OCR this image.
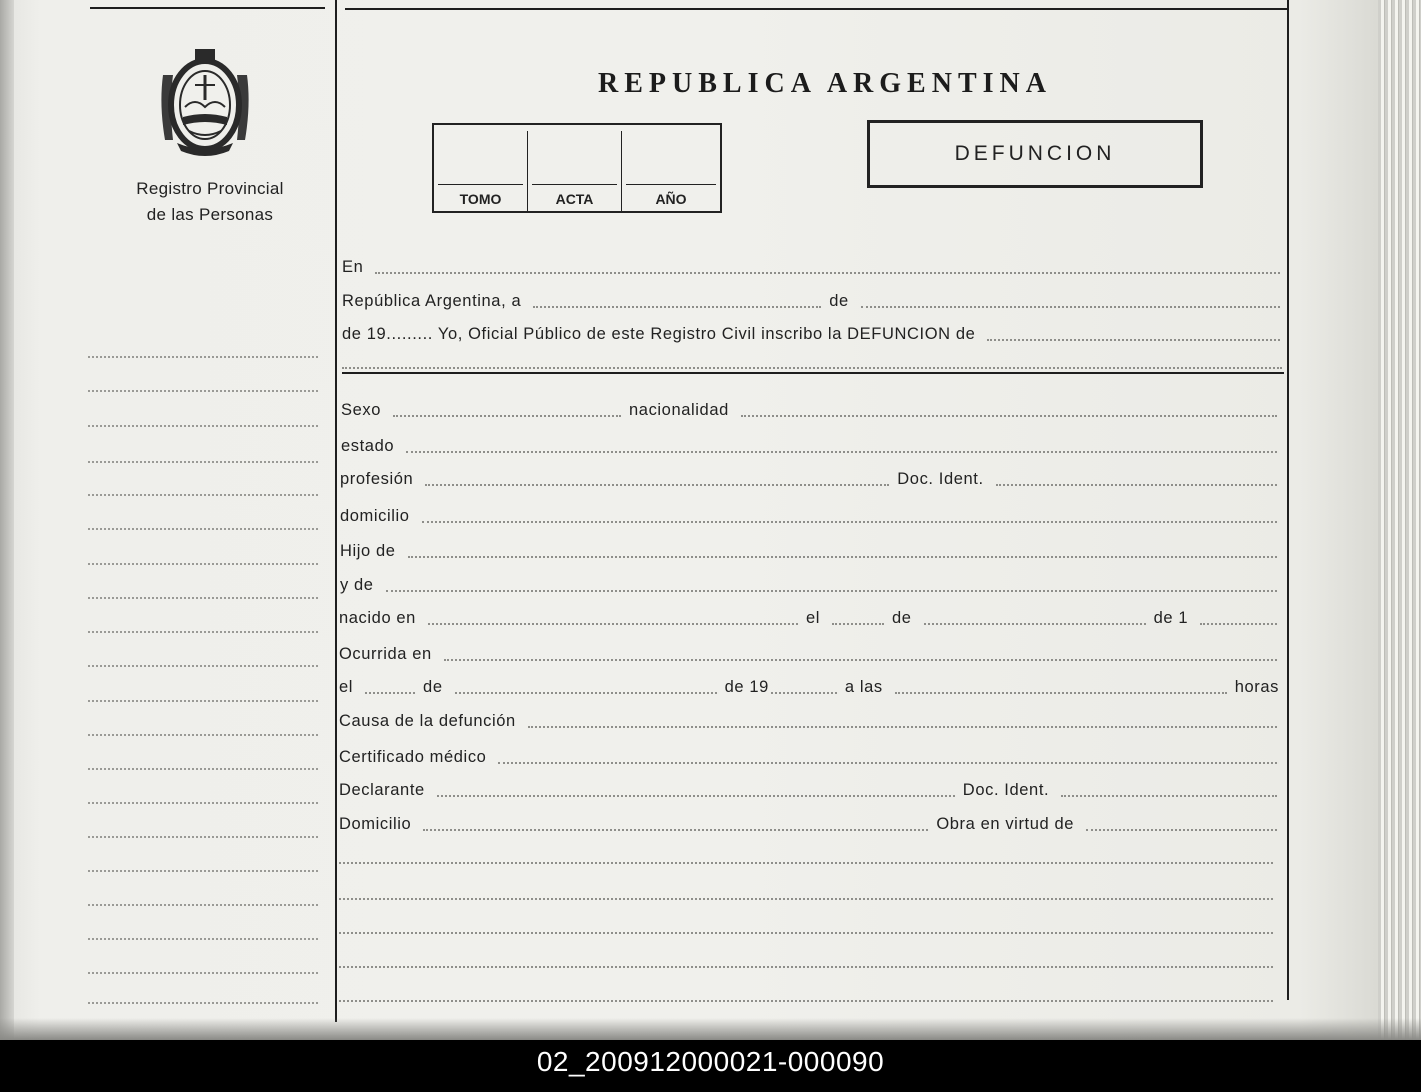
Registro Provincial
de las Personas
REPUBLICA ARGENTINA
TOMO	ACTA	AÑO
DEFUNCION
En
República Argentina, a	de
de 19....... .. Yo, Oficial Público de este Registro Civil inscribo la DEFUNCION de
Sexo	nacionalidad
estado
profesión	Doc. Ident.
domicilio
Hijo de
y de
nacido en	el	de	de 1
Ocurrida en
el	de	de 19	a las	horas
Causa de la defunción
Certificado médico
Declarante	Doc. Ident.
Domicilio	Obra en virtud de
02_200912000021-000090
